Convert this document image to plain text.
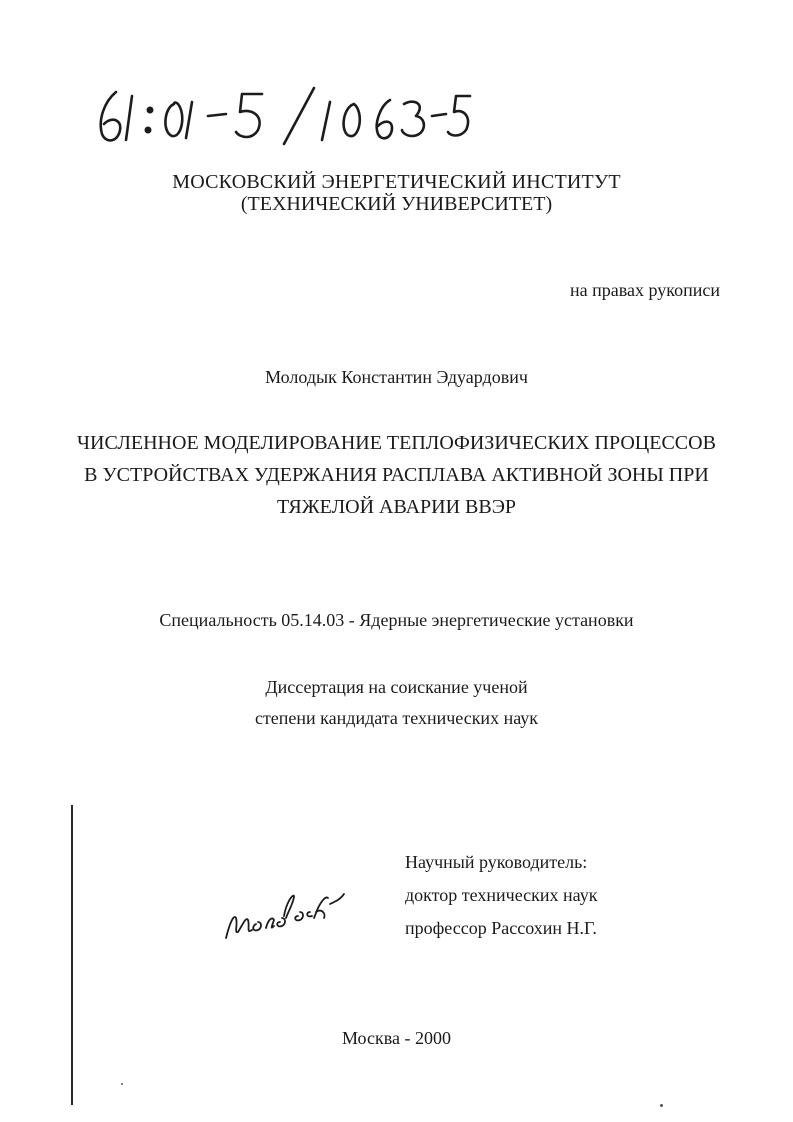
МОСКОВСКИЙ ЭНЕРГЕТИЧЕСКИЙ ИНСТИТУТ
(ТЕХНИЧЕСКИЙ УНИВЕРСИТЕТ)
на правах рукописи
Молодык Константин Эдуардович
ЧИСЛЕННОЕ МОДЕЛИРОВАНИЕ ТЕПЛОФИЗИЧЕСКИХ ПРОЦЕССОВ
В УСТРОЙСТВАХ УДЕРЖАНИЯ РАСПЛАВА АКТИВНОЙ ЗОНЫ ПРИ
ТЯЖЕЛОЙ АВАРИИ ВВЭР
Специальность 05.14.03 - Ядерные энергетические установки
Диссертация на соискание ученой
степени кандидата технических наук
Научный руководитель:
доктор технических наук
профессор Рассохин Н.Г.
Москва - 2000
